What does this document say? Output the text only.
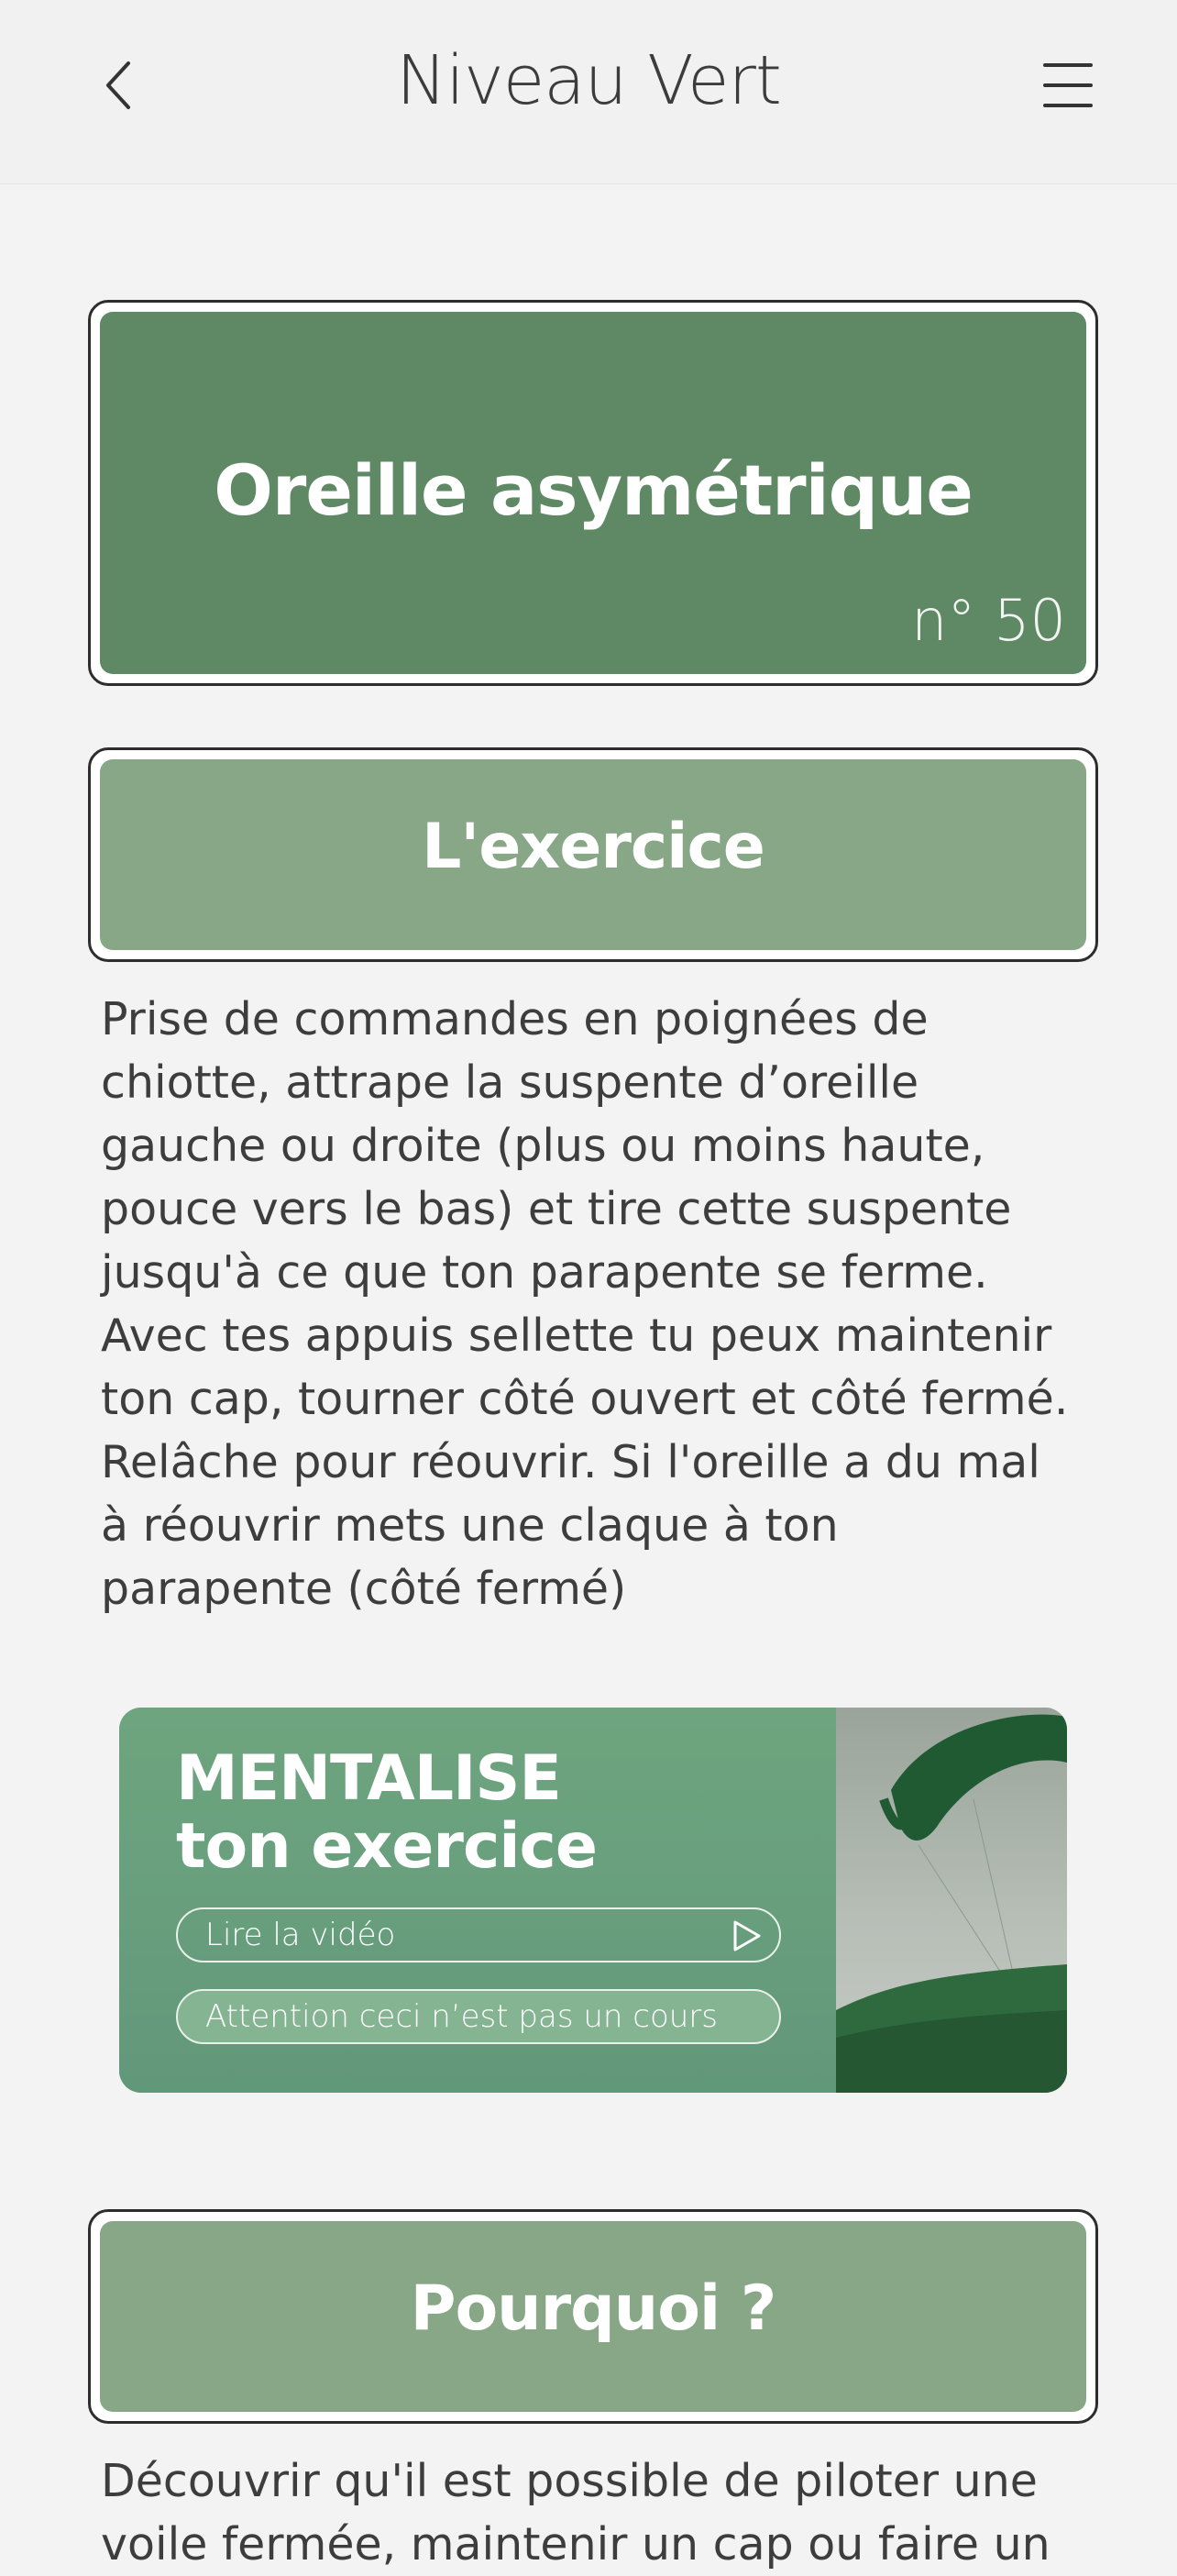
Niveau Vert
Oreille asymétrique
n° 50
L'exercice

Prise de commandes en poignées de
chiotte, attrape la suspente d’oreille
gauche ou droite (plus ou moins haute,
pouce vers le bas) et tire cette suspente
jusqu'à ce que ton parapente se ferme.
Avec tes appuis sellette tu peux maintenir
ton cap, tourner côté ouvert et côté fermé.
Relâche pour réouvrir. Si l'oreille a du mal
à réouvrir mets une claque à ton
parapente (côté fermé)

MENTALISE
ton exercice
Lire la vidéo
Attention ceci n’est pas un cours
Pourquoi ?

Découvrir qu'il est possible de piloter une
voile fermée, maintenir un cap ou faire un
